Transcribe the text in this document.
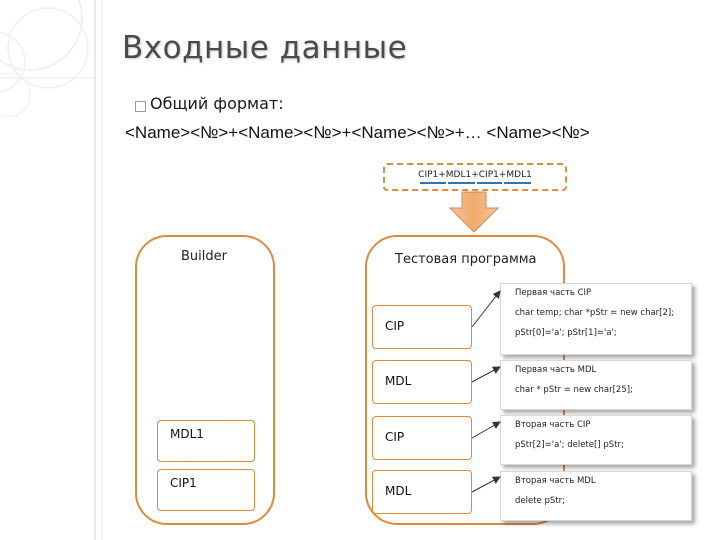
Входные данные
Общий формат:
<Name><№>+<Name><№>+<Name><№>+… <Name><№>
CIP1+MDL1+CIP1+MDL1
Builder	Тестовая программа
MDL1
CIP1
CIP
MDL
CIP
MDL
Первая часть CIP
char temp; char *pStr = new char[2];
pStr[0]='a'; pStr[1]='a';
Первая часть MDL
char * pStr = new char[25];
Вторая часть CIP
pStr[2]='a'; delete[] pStr;
Вторая часть MDL
delete pStr;
